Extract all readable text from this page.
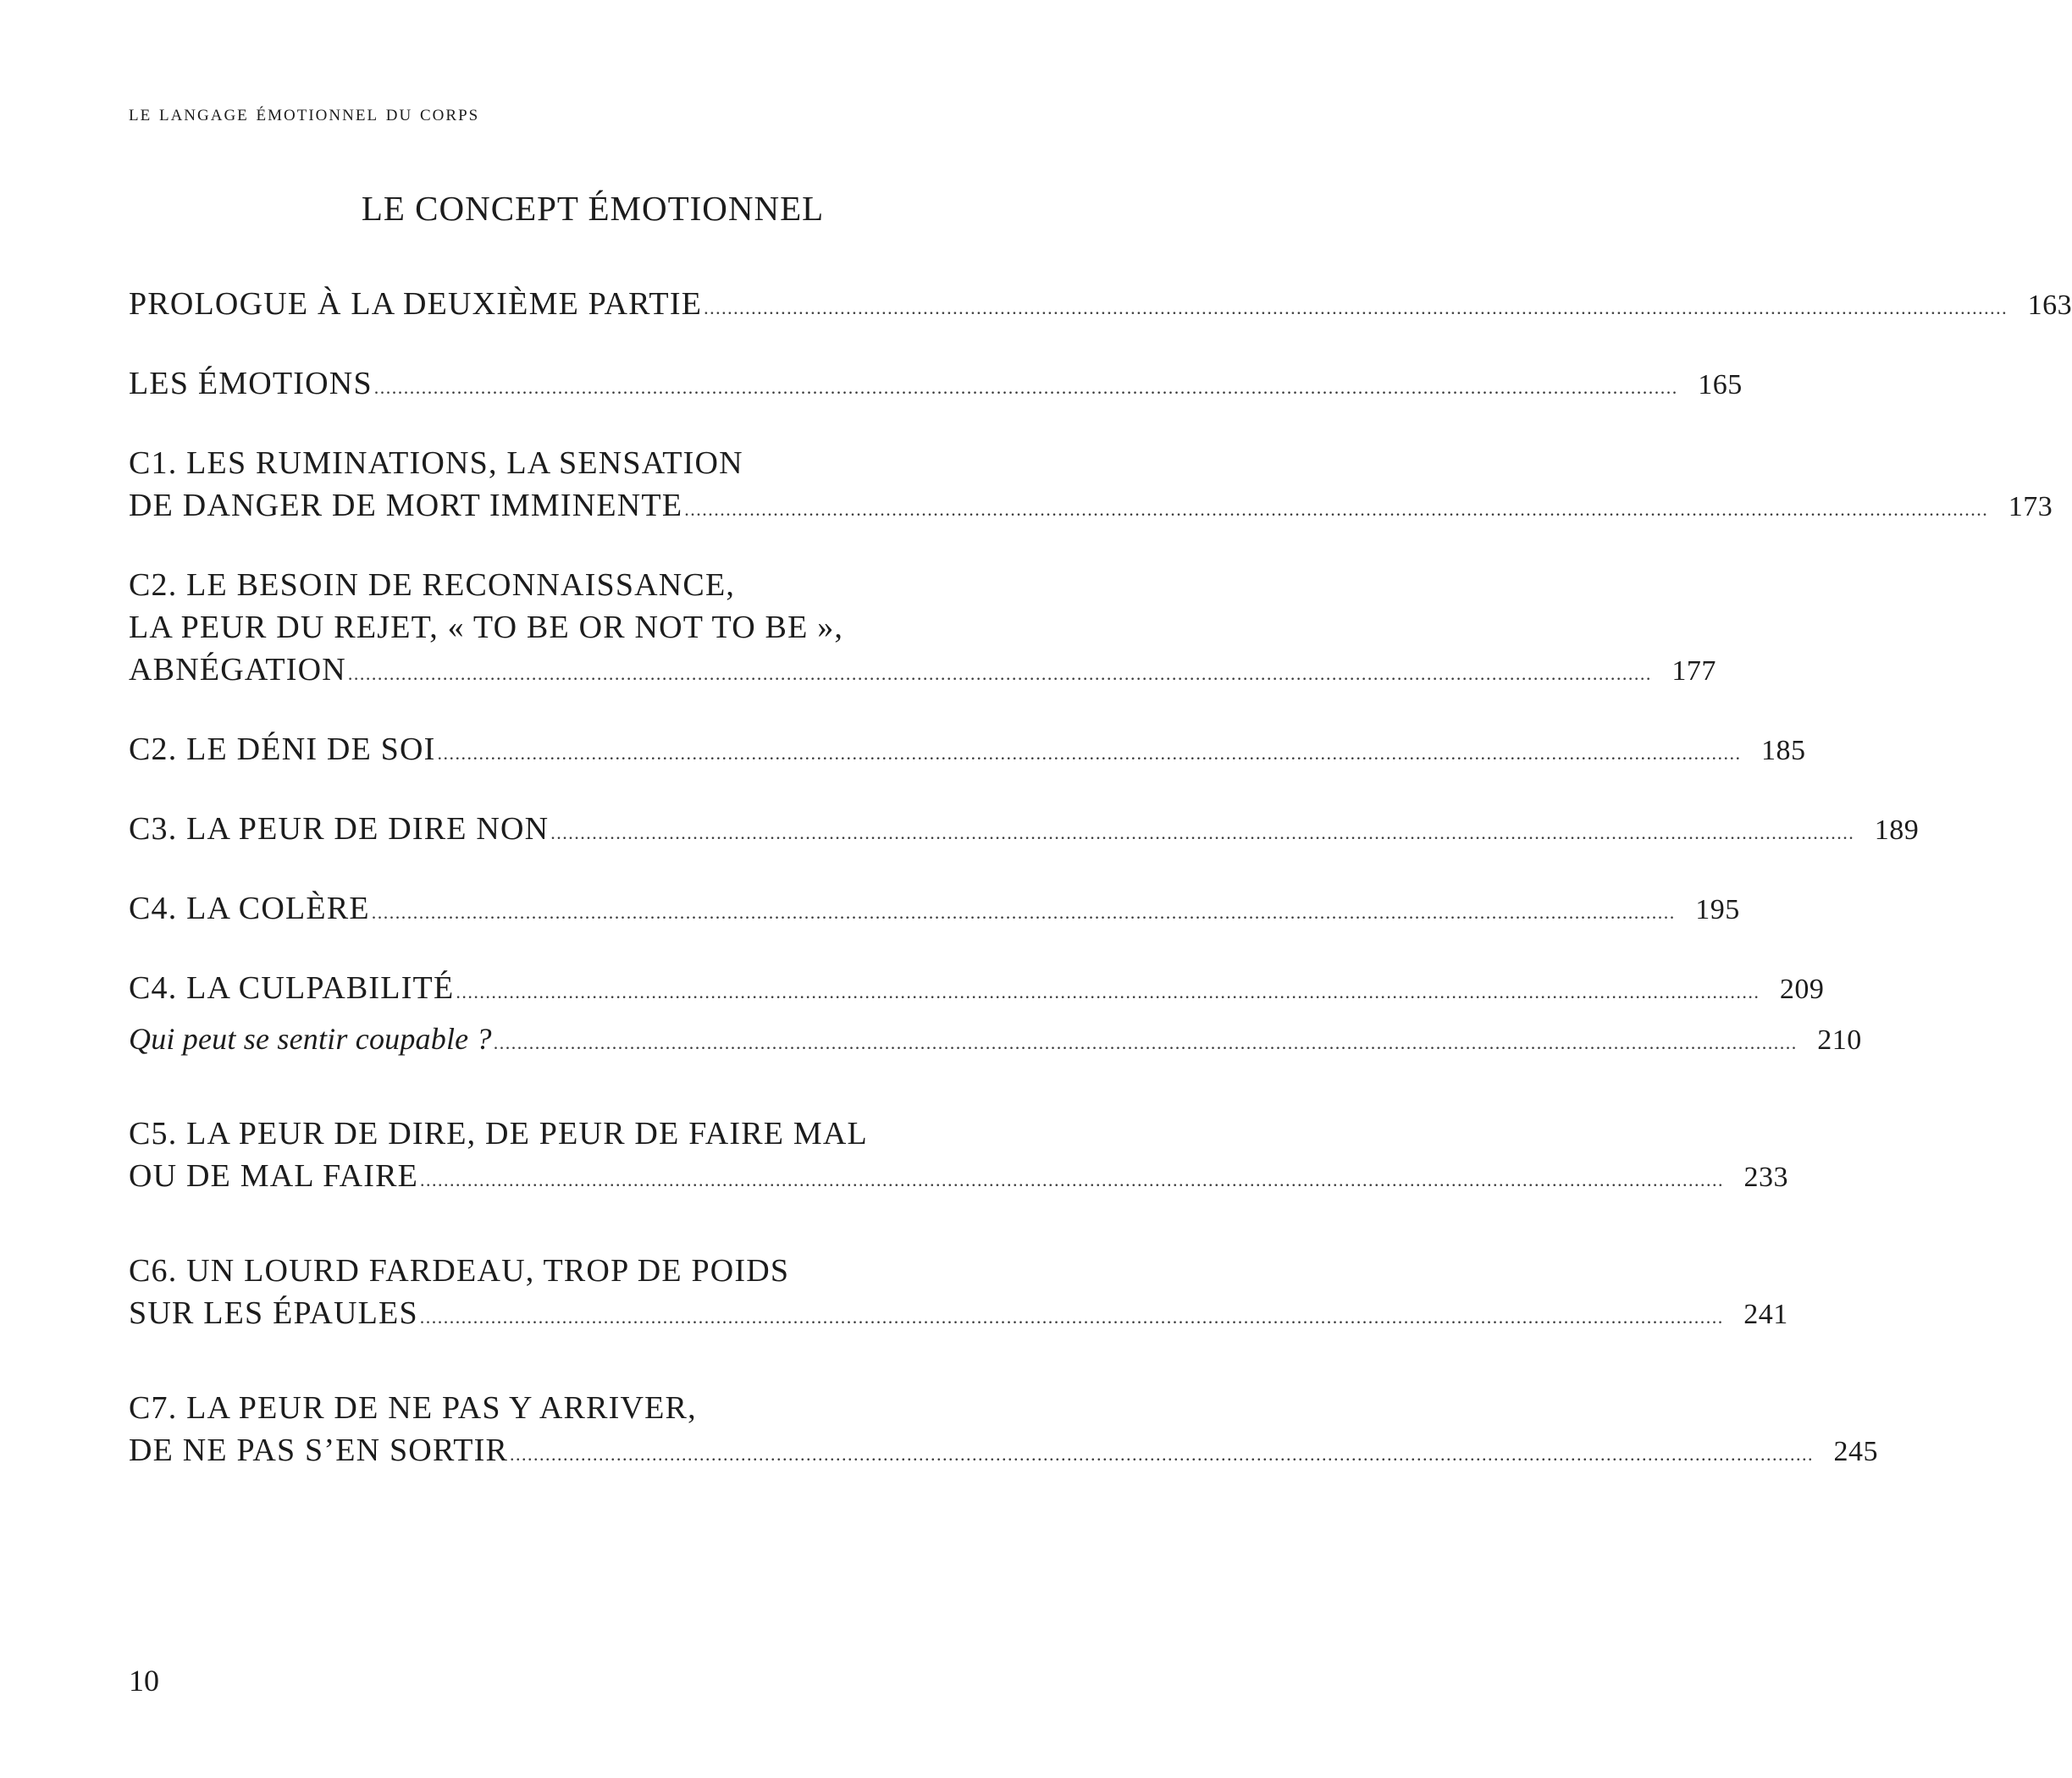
le langage émotionnel du corps
LE CONCEPT ÉMOTIONNEL
PROLOGUE À LA DEUXIÈME PARTIE ............................................................................................................................................................................................................................ 163
LES ÉMOTIONS ............................................................................................................................................................................................................................ 165
C1. LES RUMINATIONS, LA SENSATION
DE DANGER DE MORT IMMINENTE ............................................................................................................................................................................................................................ 173
C2. LE BESOIN DE RECONNAISSANCE,
LA PEUR DU REJET, « TO BE OR NOT TO BE »,
ABNÉGATION ............................................................................................................................................................................................................................ 177
C2. LE DÉNI DE SOI ............................................................................................................................................................................................................................ 185
C3. LA PEUR DE DIRE NON ............................................................................................................................................................................................................................ 189
C4. LA COLÈRE ............................................................................................................................................................................................................................ 195
C4. LA CULPABILITÉ ............................................................................................................................................................................................................................ 209
Qui peut se sentir coupable ? ............................................................................................................................................................................................................................ 210
C5. LA PEUR DE DIRE, DE PEUR DE FAIRE MAL
OU DE MAL FAIRE ............................................................................................................................................................................................................................ 233
C6. UN LOURD FARDEAU, TROP DE POIDS
SUR LES ÉPAULES ............................................................................................................................................................................................................................ 241
C7. LA PEUR DE NE PAS Y ARRIVER,
DE NE PAS S’EN SORTIR ............................................................................................................................................................................................................................ 245
10
